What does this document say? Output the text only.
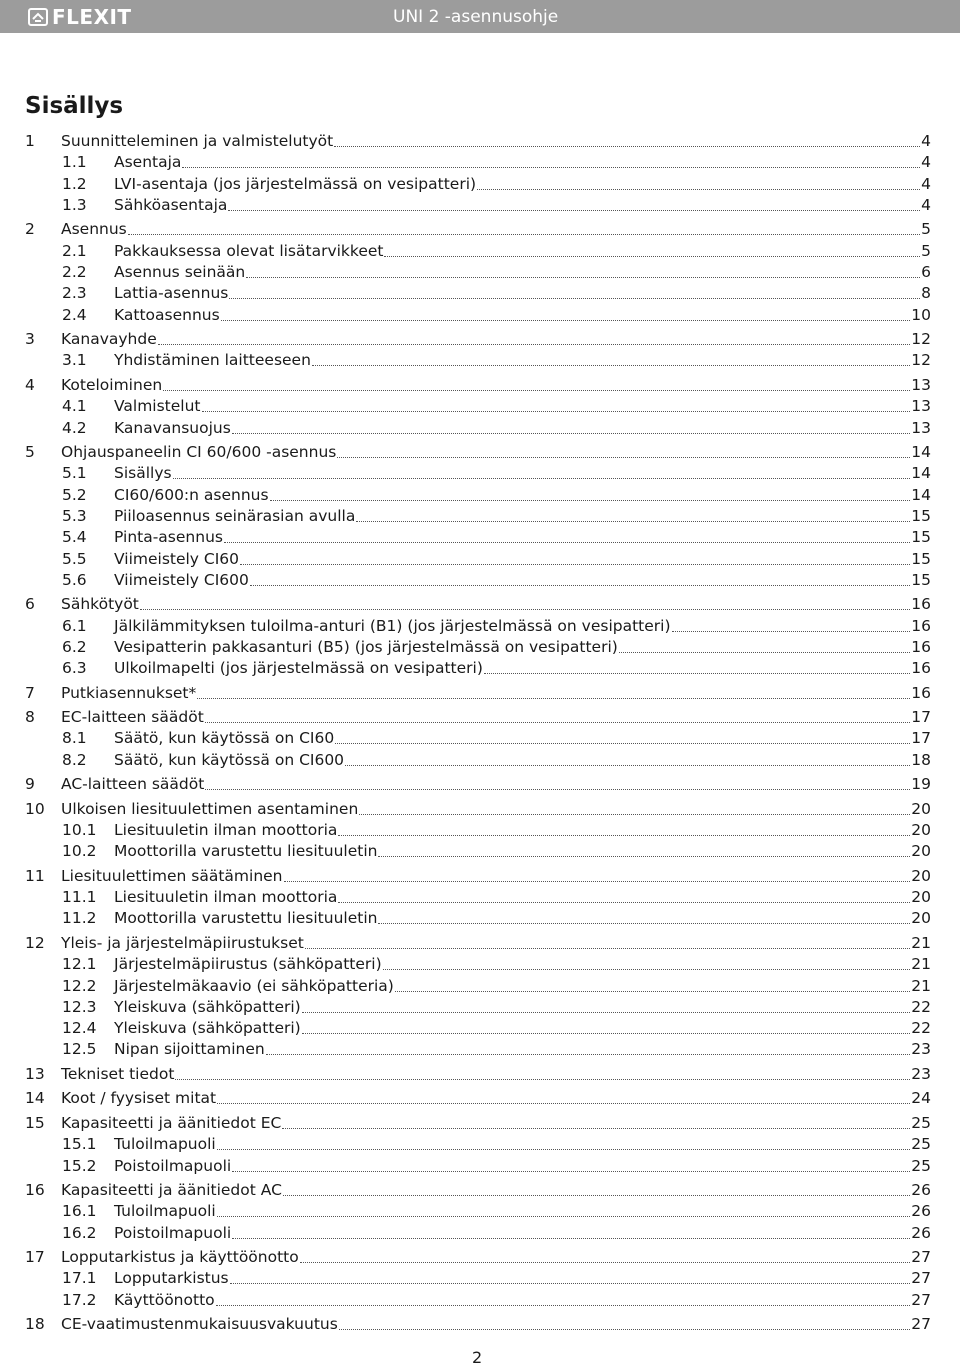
FLEXIT	UNI 2 -asennusohje
Sisällys
1	Suunnitteleminen ja valmistelutyöt	4
1.1	Asentaja	4
1.2	LVI-asentaja (jos järjestelmässä on vesipatteri)	4
1.3	Sähköasentaja	4
2	Asennus	5
2.1	Pakkauksessa olevat lisätarvikkeet	5
2.2	Asennus seinään	6
2.3	Lattia-asennus	8
2.4	Kattoasennus	10
3	Kanavayhde	12
3.1	Yhdistäminen laitteeseen	12
4	Koteloiminen	13
4.1	Valmistelut	13
4.2	Kanavansuojus	13
5	Ohjauspaneelin CI 60/600 -asennus	14
5.1	Sisällys	14
5.2	CI60/600:n asennus	14
5.3	Piiloasennus seinärasian avulla	15
5.4	Pinta-asennus	15
5.5	Viimeistely CI60	15
5.6	Viimeistely CI600	15
6	Sähkötyöt	16
6.1	Jälkilämmityksen tuloilma-anturi (B1) (jos järjestelmässä on vesipatteri)	16
6.2	Vesipatterin pakkasanturi (B5) (jos järjestelmässä on vesipatteri)	16
6.3	Ulkoilmapelti (jos järjestelmässä on vesipatteri)	16
7	Putkiasennukset*	16
8	EC-laitteen säädöt	17
8.1	Säätö, kun käytössä on CI60	17
8.2	Säätö, kun käytössä on CI600	18
9	AC-laitteen säädöt	19
10	Ulkoisen liesituulettimen asentaminen	20
10.1	Liesituuletin ilman moottoria	20
10.2	Moottorilla varustettu liesituuletin	20
11	Liesituulettimen säätäminen	20
11.1	Liesituuletin ilman moottoria	20
11.2	Moottorilla varustettu liesituuletin	20
12	Yleis- ja järjestelmäpiirustukset	21
12.1	Järjestelmäpiirustus (sähköpatteri)	21
12.2	Järjestelmäkaavio (ei sähköpatteria)	21
12.3	Yleiskuva (sähköpatteri)	22
12.4	Yleiskuva (sähköpatteri)	22
12.5	Nipan sijoittaminen	23
13	Tekniset tiedot	23
14	Koot / fyysiset mitat	24
15	Kapasiteetti ja äänitiedot EC	25
15.1	Tuloilmapuoli	25
15.2	Poistoilmapuoli	25
16	Kapasiteetti ja äänitiedot AC	26
16.1	Tuloilmapuoli	26
16.2	Poistoilmapuoli	26
17	Lopputarkistus ja käyttöönotto	27
17.1	Lopputarkistus	27
17.2	Käyttöönotto	27
18	CE-vaatimustenmukaisuusvakuutus	27
2
